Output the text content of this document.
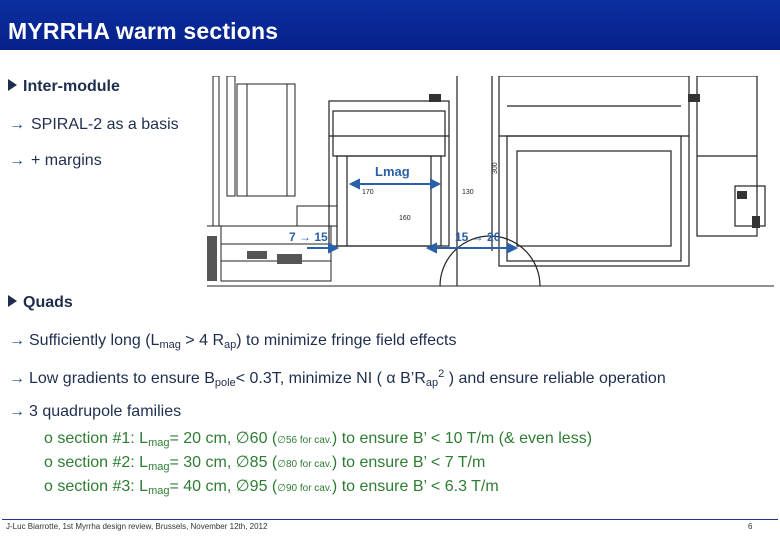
MYRRHA warm sections
Inter-module
→ SPIRAL-2 as a basis
→ + margins
Lmag
170	130
160
300
7 → 15	15 → 20
Quads
→ Sufficiently long ($L_{mag} > 4$ $R_{ap}$) to minimize fringe field effects
→ Low gradients to ensure $B_{pole}< 0.3T$, minimize NI ( α $B’R_{ap}^2$ ) and ensure reliable operation
→ 3 quadrupole families
o section #1: $L_{mag}= 20$ cm, ∅60 (∅56 for cav.) to ensure B’ < 10 T/m (& even less)
o section #2: $L_{mag}= 30$ cm, ∅85 (∅80 for cav.) to ensure B’ < 7 T/m
o section #3: $L_{mag}= 40$ cm, ∅95 (∅90 for cav.) to ensure B’ < 6.3 T/m
J-Luc Biarrotte, 1st Myrrha design review, Brussels, November 12th, 2012	6
